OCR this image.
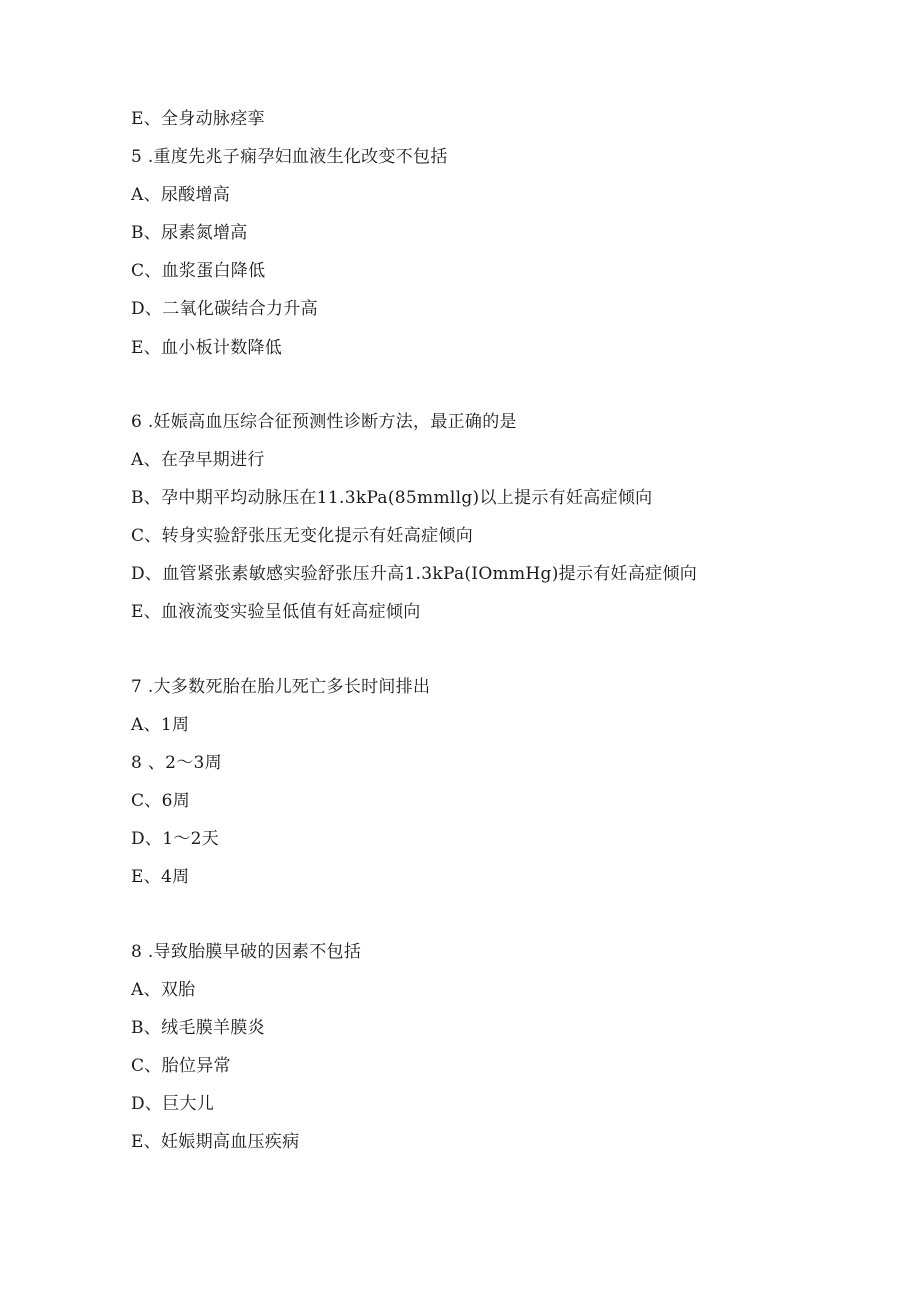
E、全身动脉痉挛
5 .重度先兆子痫孕妇血液生化改变不包括
A、尿酸增高
B、尿素氮增高
C、血浆蛋白降低
D、二氧化碳结合力升高
E、血小板计数降低
6 .妊娠高血压综合征预测性诊断方法，最正确的是
A、在孕早期进行
B、孕中期平均动脉压在11.3kPa(85mmllg)以上提示有妊高症倾向
C、转身实验舒张压无变化提示有妊高症倾向
D、血管紧张素敏感实验舒张压升高1.3kPa(IOmmHg)提示有妊高症倾向
E、血液流变实验呈低值有妊高症倾向
7 .大多数死胎在胎儿死亡多长时间排出
A、1周
8 、2～3周
C、6周
D、1～2天
E、4周
8 .导致胎膜早破的因素不包括
A、双胎
B、绒毛膜羊膜炎
C、胎位异常
D、巨大儿
E、妊娠期高血压疾病
